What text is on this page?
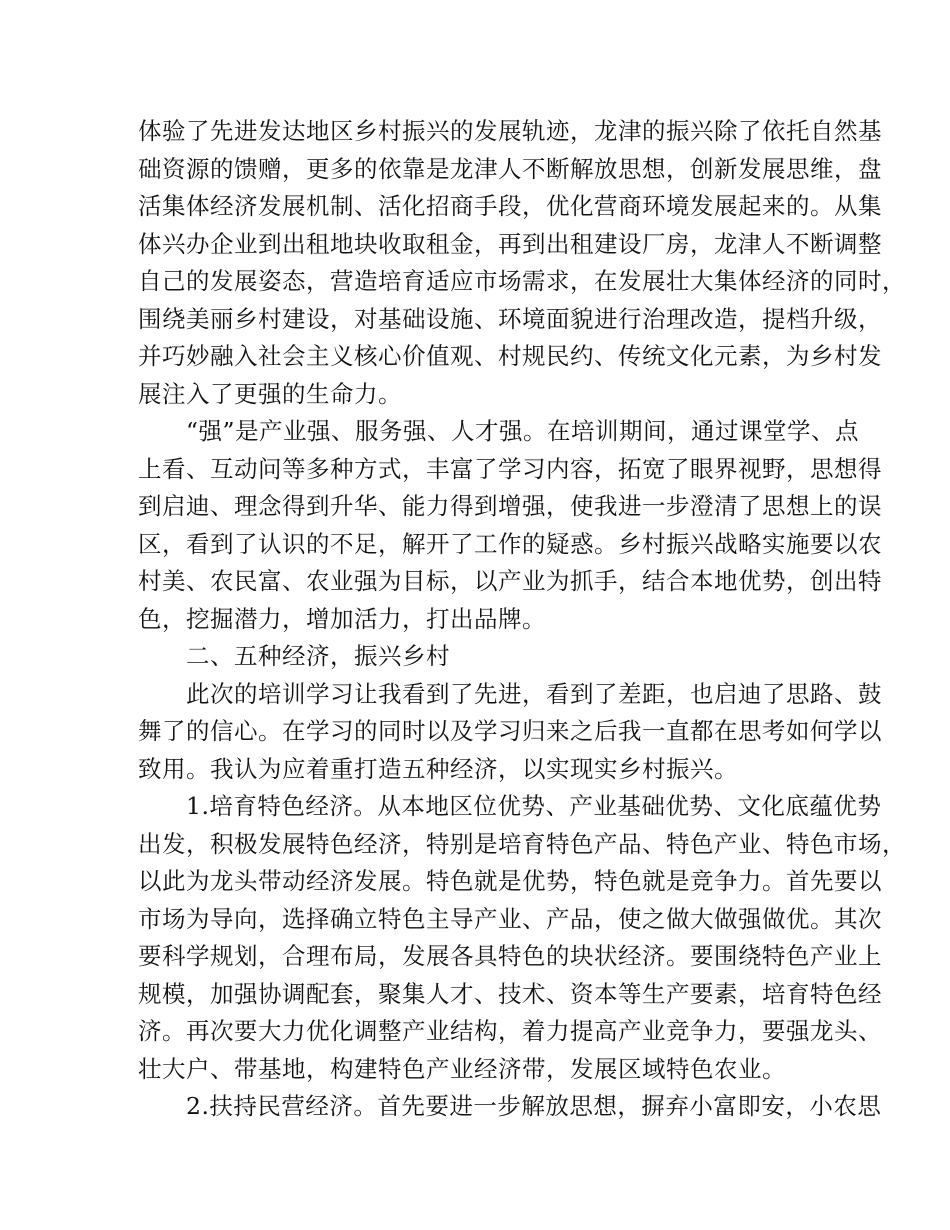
体验了先进发达地区乡村振兴的发展轨迹，龙津的振兴除了依托自然基
础资源的馈赠，更多的依靠是龙津人不断解放思想，创新发展思维，盘
活集体经济发展机制、活化招商手段，优化营商环境发展起来的。从集
体兴办企业到出租地块收取租金，再到出租建设厂房，龙津人不断调整
自己的发展姿态，营造培育适应市场需求，在发展壮大集体经济的同时，
围绕美丽乡村建设，对基础设施、环境面貌进行治理改造，提档升级，
并巧妙融入社会主义核心价值观、村规民约、传统文化元素，为乡村发
展注入了更强的生命力。
“强”是产业强、服务强、人才强。在培训期间，通过课堂学、点
上看、互动问等多种方式，丰富了学习内容，拓宽了眼界视野，思想得
到启迪、理念得到升华、能力得到增强，使我进一步澄清了思想上的误
区，看到了认识的不足，解开了工作的疑惑。乡村振兴战略实施要以农
村美、农民富、农业强为目标，以产业为抓手，结合本地优势，创出特
色，挖掘潜力，增加活力，打出品牌。
二、五种经济，振兴乡村
此次的培训学习让我看到了先进，看到了差距，也启迪了思路、鼓
舞了的信心。在学习的同时以及学习归来之后我一直都在思考如何学以
致用。我认为应着重打造五种经济，以实现实乡村振兴。
1.培育特色经济。从本地区位优势、产业基础优势、文化底蕴优势
出发，积极发展特色经济，特别是培育特色产品、特色产业、特色市场，
以此为龙头带动经济发展。特色就是优势，特色就是竞争力。首先要以
市场为导向，选择确立特色主导产业、产品，使之做大做强做优。其次
要科学规划，合理布局，发展各具特色的块状经济。要围绕特色产业上
规模，加强协调配套，聚集人才、技术、资本等生产要素，培育特色经
济。再次要大力优化调整产业结构，着力提高产业竞争力，要强龙头、
壮大户、带基地，构建特色产业经济带，发展区域特色农业。
2.扶持民营经济。首先要进一步解放思想，摒弃小富即安，小农思
